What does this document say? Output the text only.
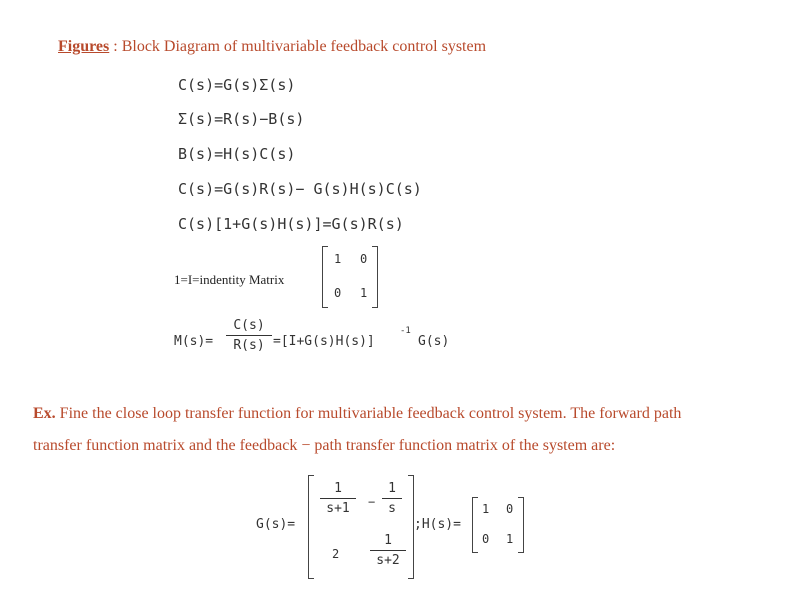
Figures : Block Diagram of multivariable feedback control system
C(s)=G(s)Σ(s)
Σ(s)=R(s)−B(s)
B(s)=H(s)C(s)
C(s)=G(s)R(s)− G(s)H(s)C(s)
C(s)[1+G(s)H(s)]=G(s)R(s)
1=I=indentity Matrix
1 0
0 1
M(s)=
C(s)
R(s) =[I+G(s)H(s)]
-1
G(s)
Ex. Fine the close loop transfer function for multivariable feedback control system. The forward path
transfer function matrix and the feedback − path transfer function matrix of the system are:
G(s)=
1
s+1	−
1
s
2
1
s+2
;H(s)=
1 0
0 1
